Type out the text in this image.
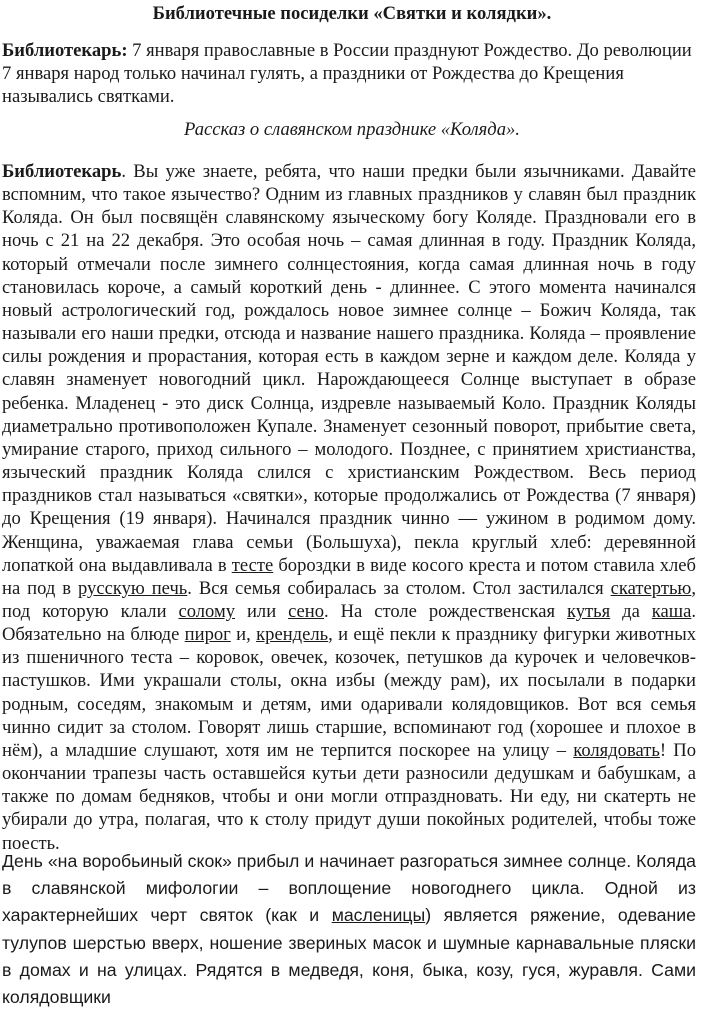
Библиотечные посиделки «Святки и колядки».

Библиотекарь: 7 января православные в России празднуют Рождество. До революции 7 января народ только начинал гулять, а праздники от Рождества до Крещения назывались святками.

Рассказ о славянском празднике «Коляда».

Библиотекарь. Вы уже знаете, ребята, что наши предки были язычниками. Давайте вспомним, что такое язычество? Одним из главных праздников у славян был праздник Коляда. Он был посвящён славянскому языческому богу Коляде. Праздновали его в ночь с 21 на 22 декабря. Это особая ночь – самая длинная в году. Праздник Коляда, который отмечали после зимнего солнцестояния, когда самая длинная ночь в году становилась короче, а самый короткий день - длиннее. С этого момента начинался новый астрологический год, рождалось новое зимнее солнце – Божич Коляда, так называли его наши предки, отсюда и название нашего праздника. Коляда – проявление силы рождения и прорастания, которая есть в каждом зерне и каждом деле. Коляда у славян знаменует новогодний цикл. Нарождающееся Солнце выступает в образе ребенка. Младенец - это диск Солнца, издревле называемый Коло. Праздник Коляды диаметрально противоположен Купале. Знаменует сезонный поворот, прибытие света, умирание старого, приход сильного – молодого. Позднее, с принятием христианства, языческий праздник Коляда слился с христианским Рождеством. Весь период праздников стал называться «святки», которые продолжались от Рождества (7 января) до Крещения (19 января). Начинался праздник чинно — ужином в родимом дому. Женщина, уважаемая глава семьи (Большуха), пекла круглый хлеб: деревянной лопаткой она выдавливала в тесте бороздки в виде косого креста и потом ставила хлеб на под в русскую печь. Вся семья собиралась за столом. Стол застилался скатертью, под которую клали солому или сено. На столе рождественская кутья да каша. Обязательно на блюде пирог и, крендель, и ещё пекли к празднику фигурки животных из пшеничного теста – коровок, овечек, козочек, петушков да курочек и человечков-пастушков. Ими украшали столы, окна избы (между рам), их посылали в подарки родным, соседям, знакомым и детям, ими одаривали колядовщиков. Вот вся семья чинно сидит за столом. Говорят лишь старшие, вспоминают год (хорошее и плохое в нём), а младшие слушают, хотя им не терпится поскорее на улицу – колядовать! По окончании трапезы часть оставшейся кутьи дети разносили дедушкам и бабушкам, а также по домам бедняков, чтобы и они могли отпраздновать. Ни еду, ни скатерть не убирали до утра, полагая, что к столу придут души покойных родителей, чтобы тоже поесть.

День «на воробьиный скок» прибыл и начинает разгораться зимнее солнце. Коляда в славянской мифологии – воплощение новогоднего цикла. Одной из характернейших черт святок (как и масленицы) является ряжение, одевание тулупов шерстью вверх, ношение звериных масок и шумные карнавальные пляски в домах и на улицах. Рядятся в медведя, коня, быка, козу, гуся, журавля. Сами колядовщики
